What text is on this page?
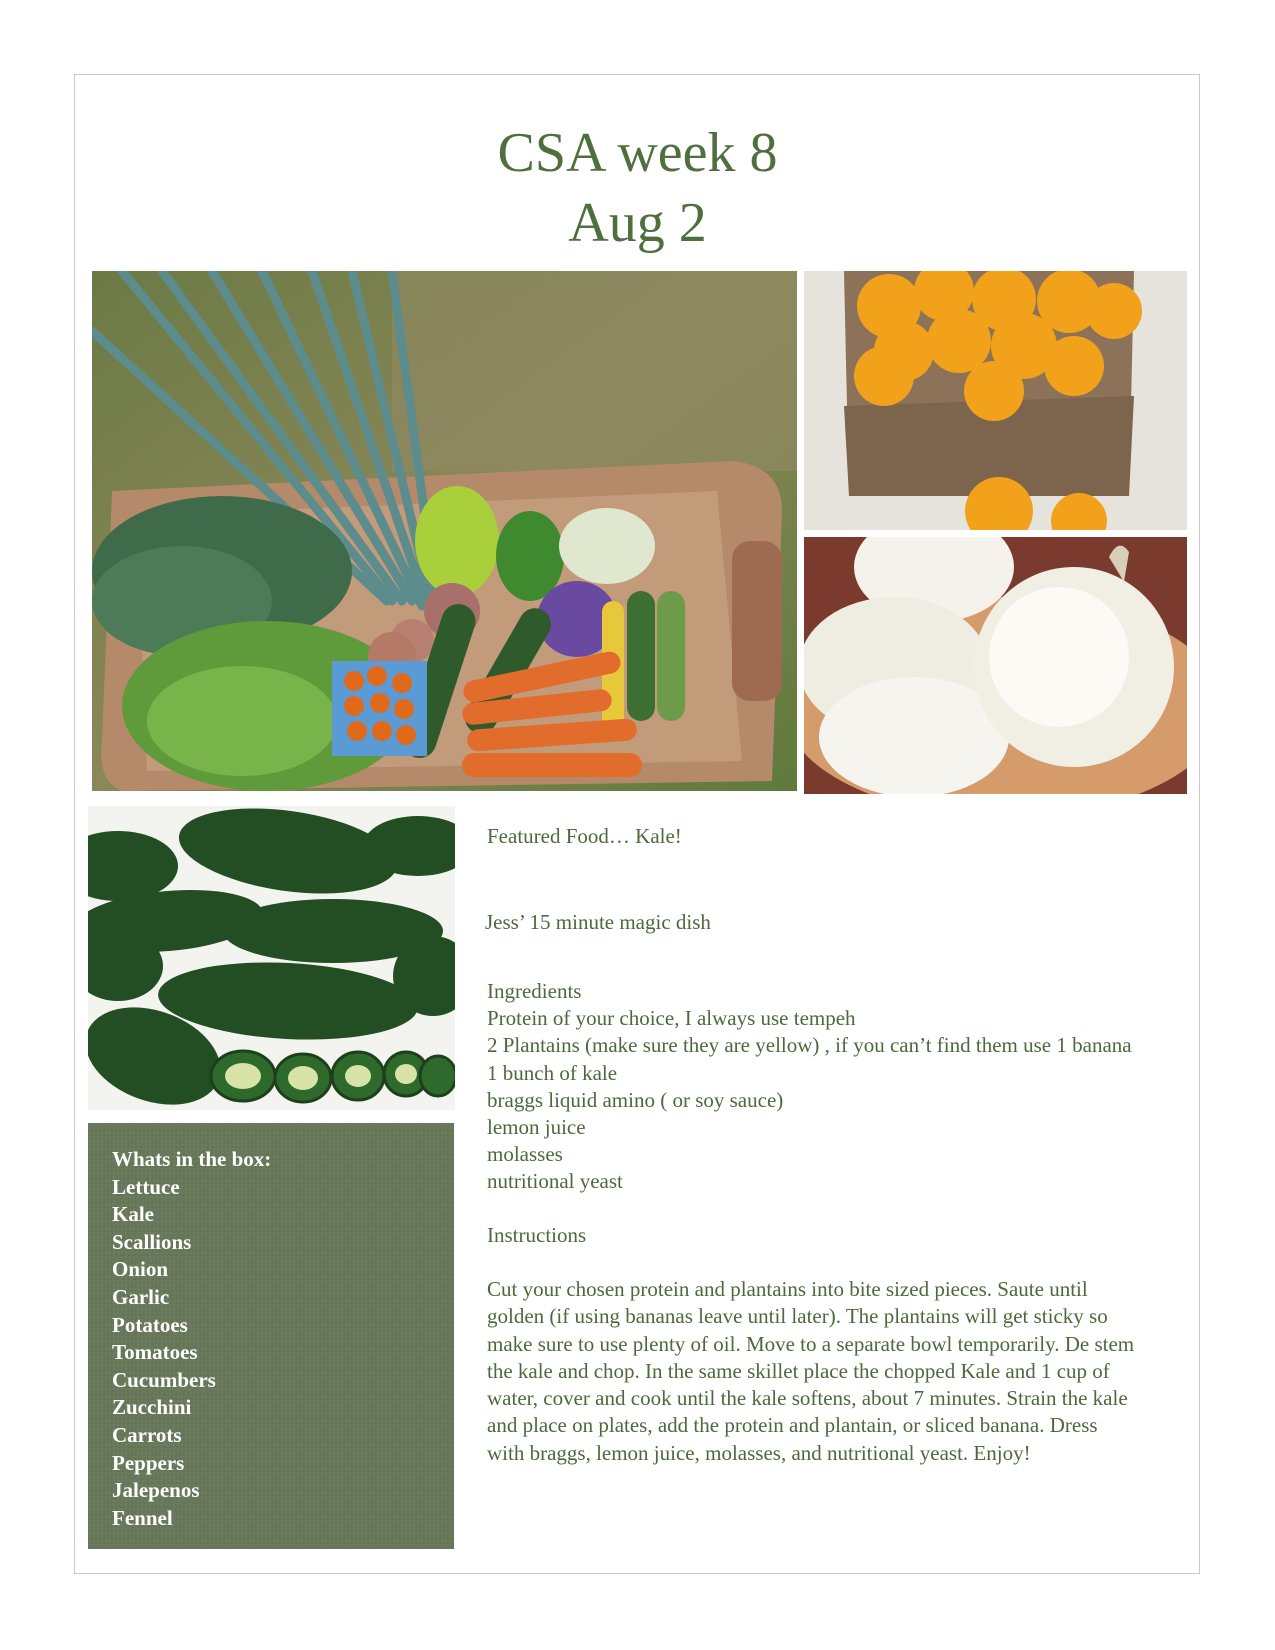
CSA week 8
Aug 2
Whats in the box:
Lettuce
Kale
Scallions
Onion
Garlic
Potatoes
Tomatoes
Cucumbers
Zucchini
Carrots
Peppers
Jalepenos
Fennel
Featured Food… Kale!
Jess’ 15 minute magic dish
Ingredients
Protein of your choice, I always use tempeh
2 Plantains (make sure they are yellow) , if you can’t find them use 1 banana
1 bunch of kale
braggs liquid amino ( or soy sauce)
lemon juice
molasses
nutritional yeast
Instructions
Cut your chosen protein and plantains into bite sized pieces. Saute until
golden (if using bananas leave until later). The plantains will get sticky so
make sure to use plenty of oil. Move to a separate bowl temporarily. De stem
the kale and chop. In the same skillet place the chopped Kale and 1 cup of
water, cover and cook until the kale softens, about 7 minutes. Strain the kale
and place on plates, add the protein and plantain, or sliced banana. Dress
with braggs, lemon juice, molasses, and nutritional yeast. Enjoy!
